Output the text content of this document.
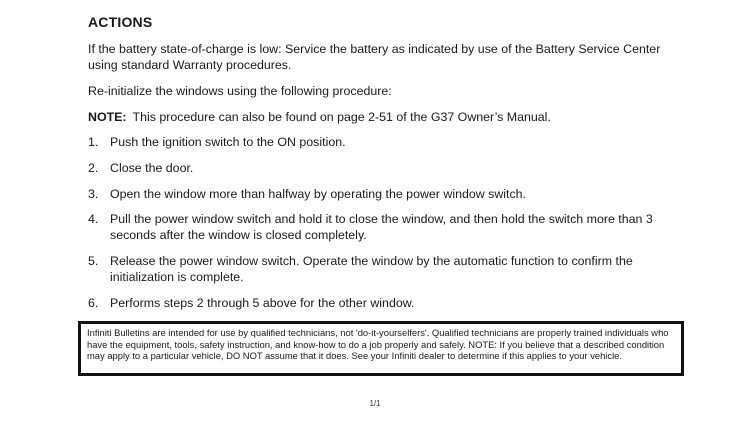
ACTIONS
If the battery state-of-charge is low: Service the battery as indicated by use of the Battery Service Center using standard Warranty procedures.
Re-initialize the windows using the following procedure:
NOTE: This procedure can also be found on page 2-51 of the G37 Owner’s Manual.
1. Push the ignition switch to the ON position.
2. Close the door.
3. Open the window more than halfway by operating the power window switch.
4. Pull the power window switch and hold it to close the window, and then hold the switch more than 3 seconds after the window is closed completely.
5. Release the power window switch. Operate the window by the automatic function to confirm the initialization is complete.
6. Performs steps 2 through 5 above for the other window.
Infiniti Bulletins are intended for use by qualified technicians, not 'do-it-yourselfers'. Qualified technicians are properly trained individuals who have the equipment, tools, safety instruction, and know-how to do a job properly and safely. NOTE: If you believe that a described condition may apply to a particular vehicle, DO NOT assume that it does. See your Infiniti dealer to determine if this applies to your vehicle.
1/1
